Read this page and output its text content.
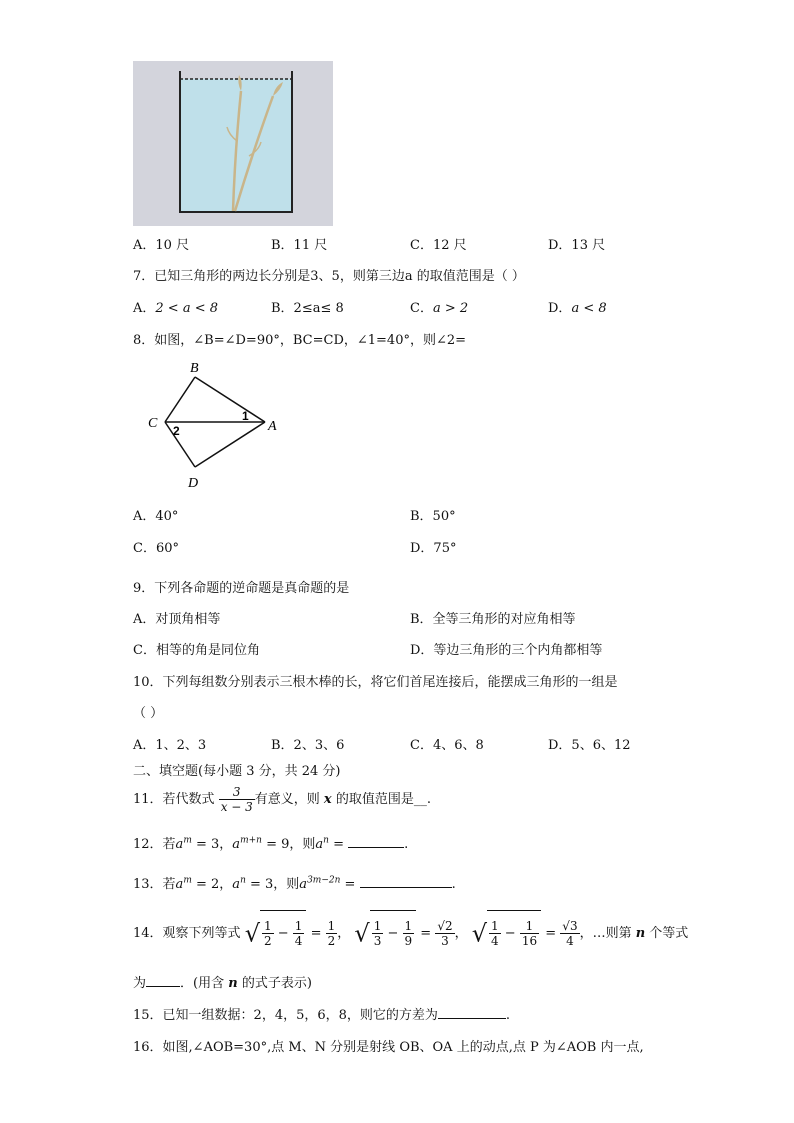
A．10 尺	B．11 尺	C．12 尺	D．13 尺
7．已知三角形的两边长分别是3、5，则第三边a 的取值范围是（ ）
A．2 < a < 8	B．2≤a≤ 8	C．a > 2	D．a < 8
8．如图，∠B=∠D=90°，BC=CD，∠1=40°，则∠2=
B
C	A
D
1
2
A．40°	B．50°
C．60°	D．75°
9．下列各命题的逆命题是真命题的是
A．对顶角相等	B．全等三角形的对应角相等
C．相等的角是同位角	D．等边三角形的三个内角都相等
10．下列每组数分别表示三根木棒的长，将它们首尾连接后，能摆成三角形的一组是
（ ）
A．1、2、3	B．2、3、6	C．4、6、8	D．5、6、12
二、填空题(每小题 3 分，共 24 分)
11．若代数式 $\frac{3}{x - 3}$ 有意义，则 x 的取值范围是__.
12．若$a^m = 3$，$a^{m+n} = 9$，则$a^n$ =	.
13．若$a^m = 2$，$a^n = 3$，则$a^{3m-2n}$ =	.
14．观察下列等式 √ $\frac{1}{2} - \frac{1}{4} = \frac{1}{2}$ ， √ $\frac{1}{3} - \frac{1}{9} = \frac{√2}{3}$ ， √ $\frac{1}{4} - \frac{1}{16} = \frac{√3}{4}$ ，…则第 n 个等式
为	．(用含 n 的式子表示)
15．已知一组数据：2，4，5，6，8，则它的方差为	.
16．如图,∠AOB=30°,点 M、N 分别是射线 OB、OA 上的动点,点 P 为∠AOB 内一点,
